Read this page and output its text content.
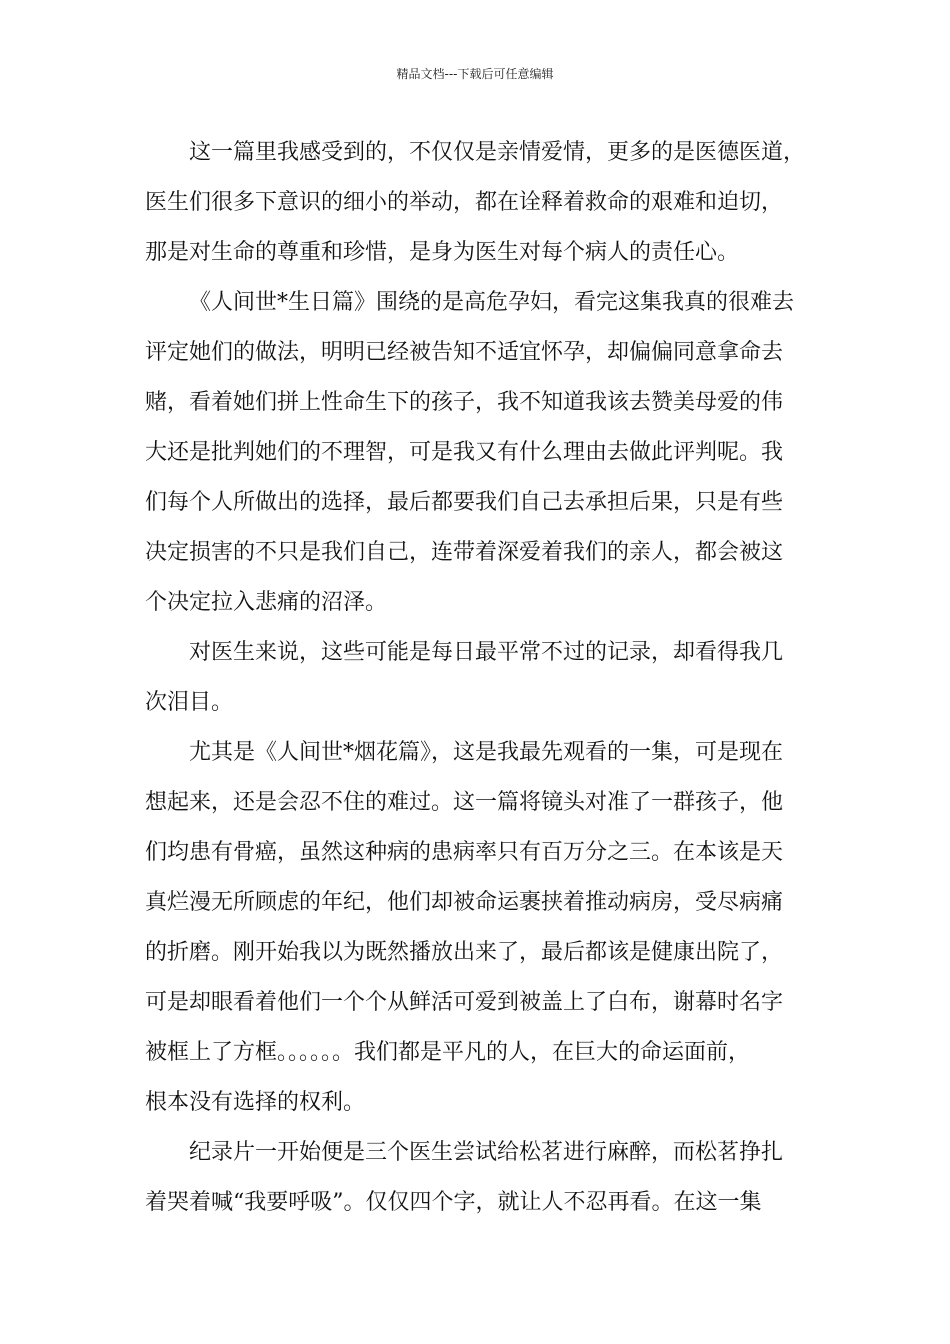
精品文档---下载后可任意编辑
这一篇里我感受到的，不仅仅是亲情爱情，更多的是医德医道，
医生们很多下意识的细小的举动，都在诠释着救命的艰难和迫切，
那是对生命的尊重和珍惜，是身为医生对每个病人的责任心。
《人间世*生日篇》围绕的是高危孕妇，看完这集我真的很难去
评定她们的做法，明明已经被告知不适宜怀孕，却偏偏同意拿命去
赌，看着她们拼上性命生下的孩子，我不知道我该去赞美母爱的伟
大还是批判她们的不理智，可是我又有什么理由去做此评判呢。我
们每个人所做出的选择，最后都要我们自己去承担后果，只是有些
决定损害的不只是我们自己，连带着深爱着我们的亲人，都会被这
个决定拉入悲痛的沼泽。
对医生来说，这些可能是每日最平常不过的记录，却看得我几
次泪目。
尤其是《人间世*烟花篇》，这是我最先观看的一集，可是现在
想起来，还是会忍不住的难过。这一篇将镜头对准了一群孩子，他
们均患有骨癌，虽然这种病的患病率只有百万分之三。在本该是天
真烂漫无所顾虑的年纪，他们却被命运裹挟着推动病房，受尽病痛
的折磨。刚开始我以为既然播放出来了，最后都该是健康出院了，
可是却眼看着他们一个个从鲜活可爱到被盖上了白布，谢幕时名字
被框上了方框。。。。。。我们都是平凡的人，在巨大的命运面前，
根本没有选择的权利。
纪录片一开始便是三个医生尝试给松茗进行麻醉，而松茗挣扎
着哭着喊“我要呼吸”。仅仅四个字，就让人不忍再看。在这一集
